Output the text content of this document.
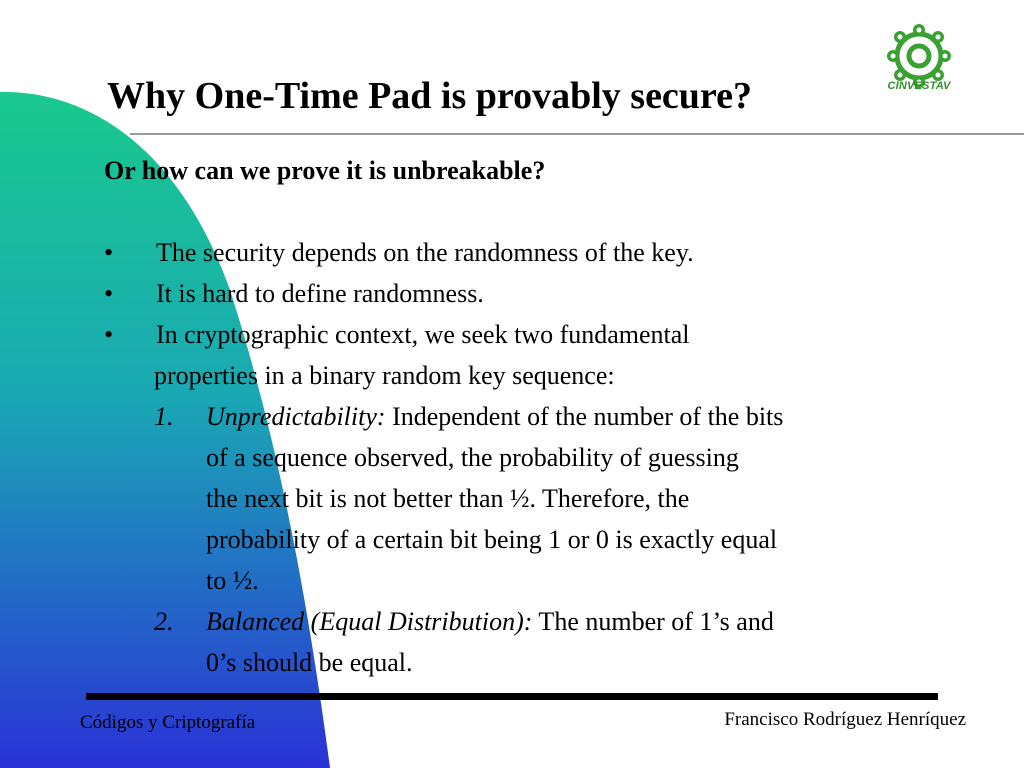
CINVESTAV
Why One-Time Pad is provably secure?
Or how can we prove it is unbreakable?
• The security depends on the randomness of the key.
• It is hard to define randomness.
• In cryptographic context, we seek two fundamental
properties in a binary random key sequence:
1. Unpredictability: Independent of the number of the bits
of a sequence observed, the probability of guessing
the next bit is not better than ½. Therefore, the
probability of a certain bit being 1 or 0 is exactly equal
to ½.
2. Balanced (Equal Distribution): The number of 1’s and
0’s should be equal.
Códigos y Criptografía	Francisco Rodríguez Henríquez
